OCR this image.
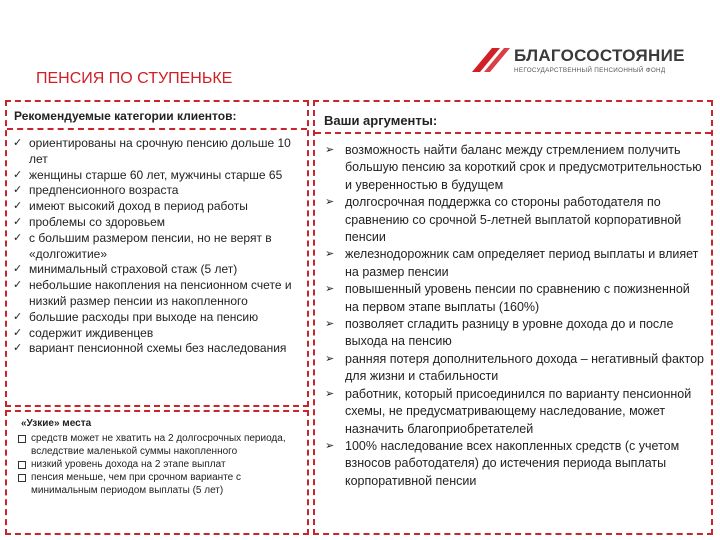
БЛАГОСОСТОЯНИЕ
НЕГОСУДАРСТВЕННЫЙ ПЕНСИОННЫЙ ФОНД
ПЕНСИЯ ПО СТУПЕНЬКЕ
Рекомендуемые категории клиентов:
✓ ориентированы на срочную пенсию дольше 10 лет
✓ женщины старше 60 лет, мужчины старше 65
✓ предпенсионного возраста
✓ имеют высокий доход в период работы
✓ проблемы со здоровьем
✓ с большим размером пенсии, но не верят в «долгожитие»
✓ минимальный страховой стаж (5 лет)
✓ небольшие накопления на пенсионном счете и низкий размер пенсии из накопленного
✓ большие расходы при выходе на пенсию
✓ содержит иждивенцев
✓ вариант пенсионной схемы без наследования
«Узкие» места
средств может не хватить на 2 долгосрочных периода, вследствие маленькой суммы накопленного
низкий уровень дохода на 2 этапе выплат
пенсия меньше, чем при срочном варианте с минимальным периодом выплаты (5 лет)
Ваши аргументы:
➢ возможность найти баланс между стремлением получить большую пенсию за короткий срок и предусмотрительностью и уверенностью в будущем
➢ долгосрочная поддержка со стороны работодателя по сравнению со срочной 5-летней выплатой корпоративной пенсии
➢ железнодорожник сам определяет период выплаты и влияет на размер пенсии
➢ повышенный уровень пенсии по сравнению с пожизненной на первом этапе выплаты (160%)
➢ позволяет сгладить разницу в уровне дохода до и после выхода на пенсию
➢ ранняя потеря дополнительного дохода – негативный фактор для жизни и стабильности
➢ работник, который присоединился по варианту пенсионной схемы, не предусматривающему наследование, может назначить благоприобретателей
➢ 100% наследование всех накопленных средств (с учетом взносов работодателя) до истечения периода выплаты корпоративной пенсии
